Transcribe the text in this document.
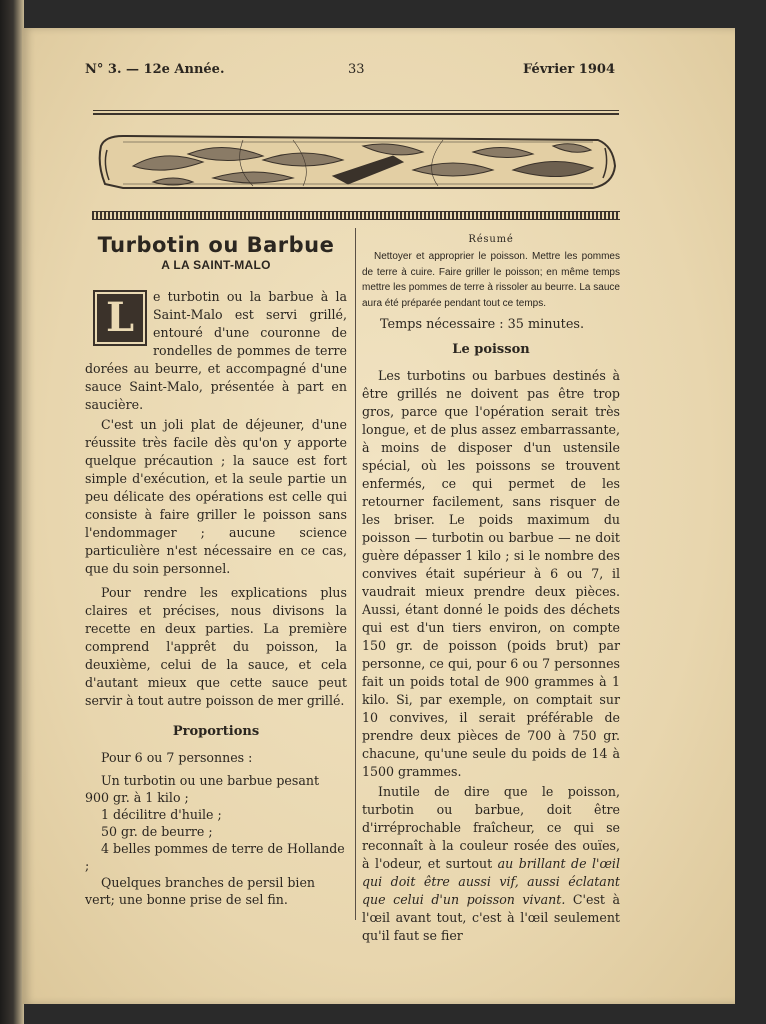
N° 3. — 12e Année.	33	Février 1904
Turbotin ou Barbue

A LA SAINT-MALO

L	e turbotin ou la barbue à la Saint-Malo est servi grillé, entouré d'une couronne de rondelles de pommes de terre dorées au beurre, et accompagné d'une sauce Saint-Malo, présentée à part en saucière.

C'est un joli plat de déjeuner, d'une réussite très facile dès qu'on y apporte quelque précaution ; la sauce est fort simple d'exécution, et la seule partie un peu délicate des opérations est celle qui consiste à faire griller le poisson sans l'endommager ; aucune science particulière n'est nécessaire en ce cas, que du soin personnel.

Pour rendre les explications plus claires et précises, nous divisons la recette en deux parties. La première comprend l'apprêt du poisson, la deuxième, celui de la sauce, et cela d'autant mieux que cette sauce peut servir à tout autre poisson de mer grillé.

Proportions

Pour 6 ou 7 personnes :

Un turbotin ou une barbue pesant 900 gr. à 1 kilo ;

1 décilitre d'huile ;

50 gr. de beurre ;

4 belles pommes de terre de Hollande ;

Quelques branches de persil bien vert; une bonne prise de sel fin.

Résumé

Nettoyer et approprier le poisson. Mettre les pommes de terre à cuire. Faire griller le poisson; en même temps mettre les pommes de terre à rissoler au beurre. La sauce aura été préparée pendant tout ce temps.

Temps nécessaire : 35 minutes.

Le poisson

Les turbotins ou barbues destinés à être grillés ne doivent pas être trop gros, parce que l'opération serait très longue, et de plus assez embarrassante, à moins de disposer d'un ustensile spécial, où les poissons se trouvent enfermés, ce qui permet de les retourner facilement, sans risquer de les briser. Le poids maximum du poisson — turbotin ou barbue — ne doit guère dépasser 1 kilo ; si le nombre des convives était supérieur à 6 ou 7, il vaudrait mieux prendre deux pièces. Aussi, étant donné le poids des déchets qui est d'un tiers environ, on compte 150 gr. de poisson (poids brut) par personne, ce qui, pour 6 ou 7 personnes fait un poids total de 900 grammes à 1 kilo. Si, par exemple, on comptait sur 10 convives, il serait préférable de prendre deux pièces de 700 à 750 gr. chacune, qu'une seule du poids de 14 à 1500 grammes.

Inutile de dire que le poisson, turbotin ou barbue, doit être d'irréprochable fraîcheur, ce qui se reconnaît à la couleur rosée des ouïes, à l'odeur, et surtout au brillant de l'œil qui doit être aussi vif, aussi éclatant que celui d'un poisson vivant. C'est à l'œil avant tout, c'est à l'œil seulement qu'il faut se fier
